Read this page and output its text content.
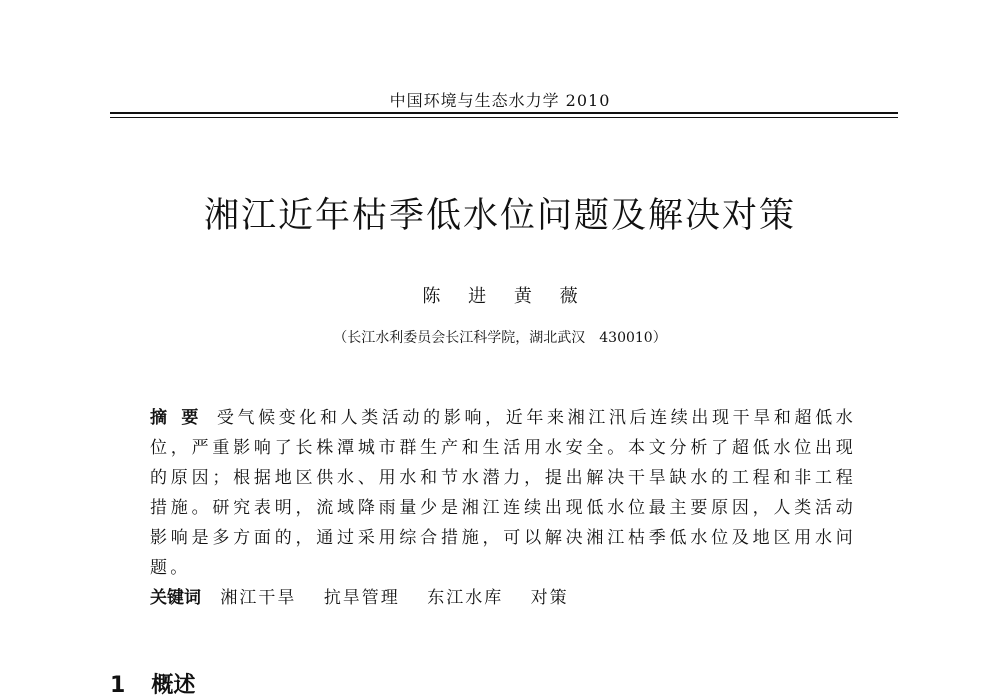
中国环境与生态水力学 2010
湘江近年枯季低水位问题及解决对策
陈 进 黄 薇
（长江水利委员会长江科学院，湖北武汉　430010）
摘要 受气候变化和人类活动的影响，近年来湘江汛后连续出现干旱和超低水位，严重影响了长株潭城市群生产和生活用水安全。本文分析了超低水位出现的原因；根据地区供水、用水和节水潜力，提出解决干旱缺水的工程和非工程措施。研究表明，流域降雨量少是湘江连续出现低水位最主要原因，人类活动影响是多方面的，通过采用综合措施，可以解决湘江枯季低水位及地区用水问题。
关键词 湘江干旱 抗旱管理 东江水库 对策
1 概述
